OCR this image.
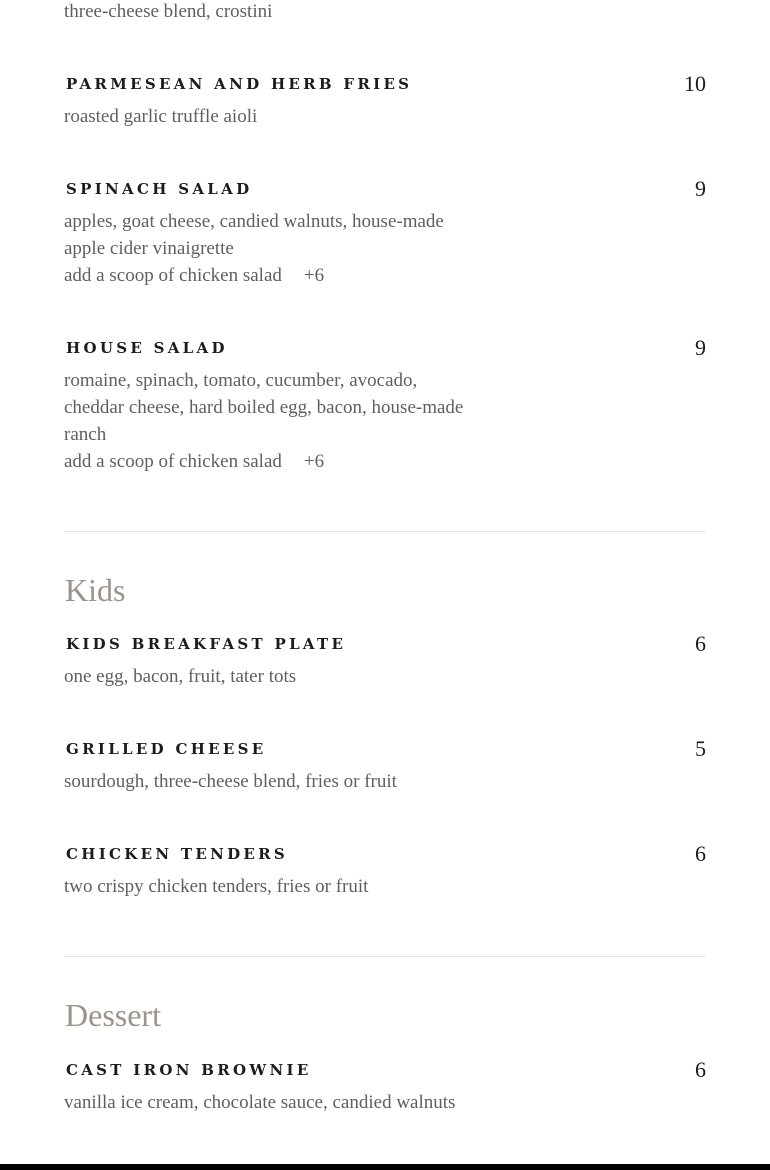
three-cheese blend, crostini
PARMESEAN AND HERB FRIES	10
roasted garlic truffle aioli
SPINACH SALAD	9
apples, goat cheese, candied walnuts, house-made
apple cider vinaigrette
add a scoop of chicken salad +6
HOUSE SALAD	9
romaine, spinach, tomato, cucumber, avocado,
cheddar cheese, hard boiled egg, bacon, house-made
ranch
add a scoop of chicken salad +6
Kids
KIDS BREAKFAST PLATE	6
one egg, bacon, fruit, tater tots
GRILLED CHEESE	5
sourdough, three-cheese blend, fries or fruit
CHICKEN TENDERS	6
two crispy chicken tenders, fries or fruit
Dessert
CAST IRON BROWNIE	6
vanilla ice cream, chocolate sauce, candied walnuts
